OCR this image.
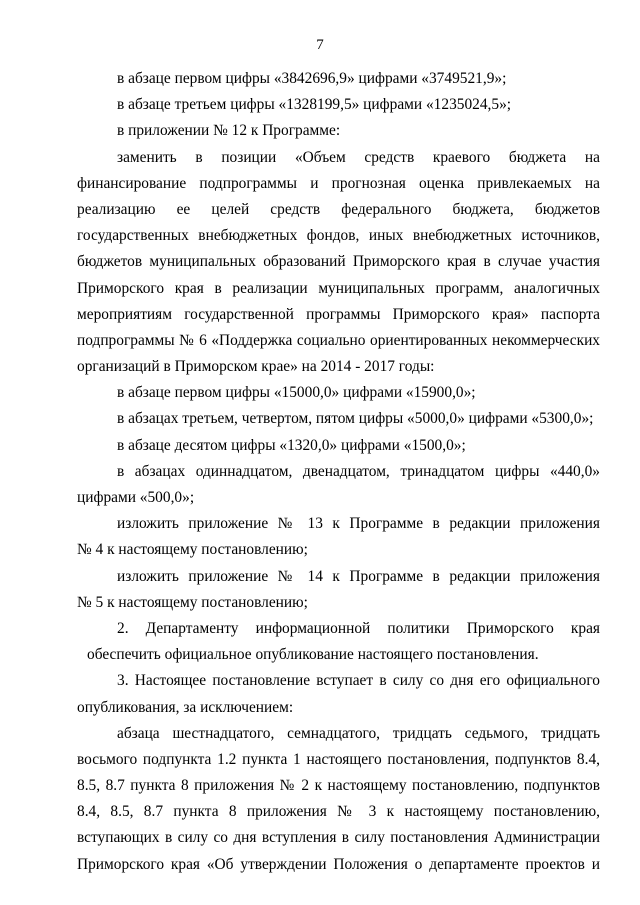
7
в абзаце первом цифры «3842696,9» цифрами «3749521,9»;
в абзаце третьем цифры «1328199,5» цифрами «1235024,5»;
в приложении № 12 к Программе:
заменить в позиции «Объем средств краевого бюджета на
финансирование подпрограммы и прогнозная оценка привлекаемых на
реализацию ее целей средств федерального бюджета, бюджетов
государственных внебюджетных фондов, иных внебюджетных источников,
бюджетов муниципальных образований Приморского края в случае участия
Приморского края в реализации муниципальных программ, аналогичных
мероприятиям государственной программы Приморского края» паспорта
подпрограммы № 6 «Поддержка социально ориентированных некоммерческих
организаций в Приморском крае» на 2014 - 2017 годы:
в абзаце первом цифры «15000,0» цифрами «15900,0»;
в абзацах третьем, четвертом, пятом цифры «5000,0» цифрами «5300,0»;
в абзаце десятом цифры «1320,0» цифрами «1500,0»;
в абзацах одиннадцатом, двенадцатом, тринадцатом цифры «440,0»
цифрами «500,0»;
изложить приложение № 13 к Программе в редакции приложения
№ 4 к настоящему постановлению;
изложить приложение № 14 к Программе в редакции приложения
№ 5 к настоящему постановлению;
2. Департаменту информационной политики Приморского края
обеспечить официальное опубликование настоящего постановления.
3. Настоящее постановление вступает в силу со дня его официального
опубликования, за исключением:
абзаца шестнадцатого, семнадцатого, тридцать седьмого, тридцать
восьмого подпункта 1.2 пункта 1 настоящего постановления, подпунктов 8.4,
8.5, 8.7 пункта 8 приложения № 2 к настоящему постановлению, подпунктов
8.4, 8.5, 8.7 пункта 8 приложения № 3 к настоящему постановлению,
вступающих в силу со дня вступления в силу постановления Администрации
Приморского края «Об утверждении Положения о департаменте проектов и
